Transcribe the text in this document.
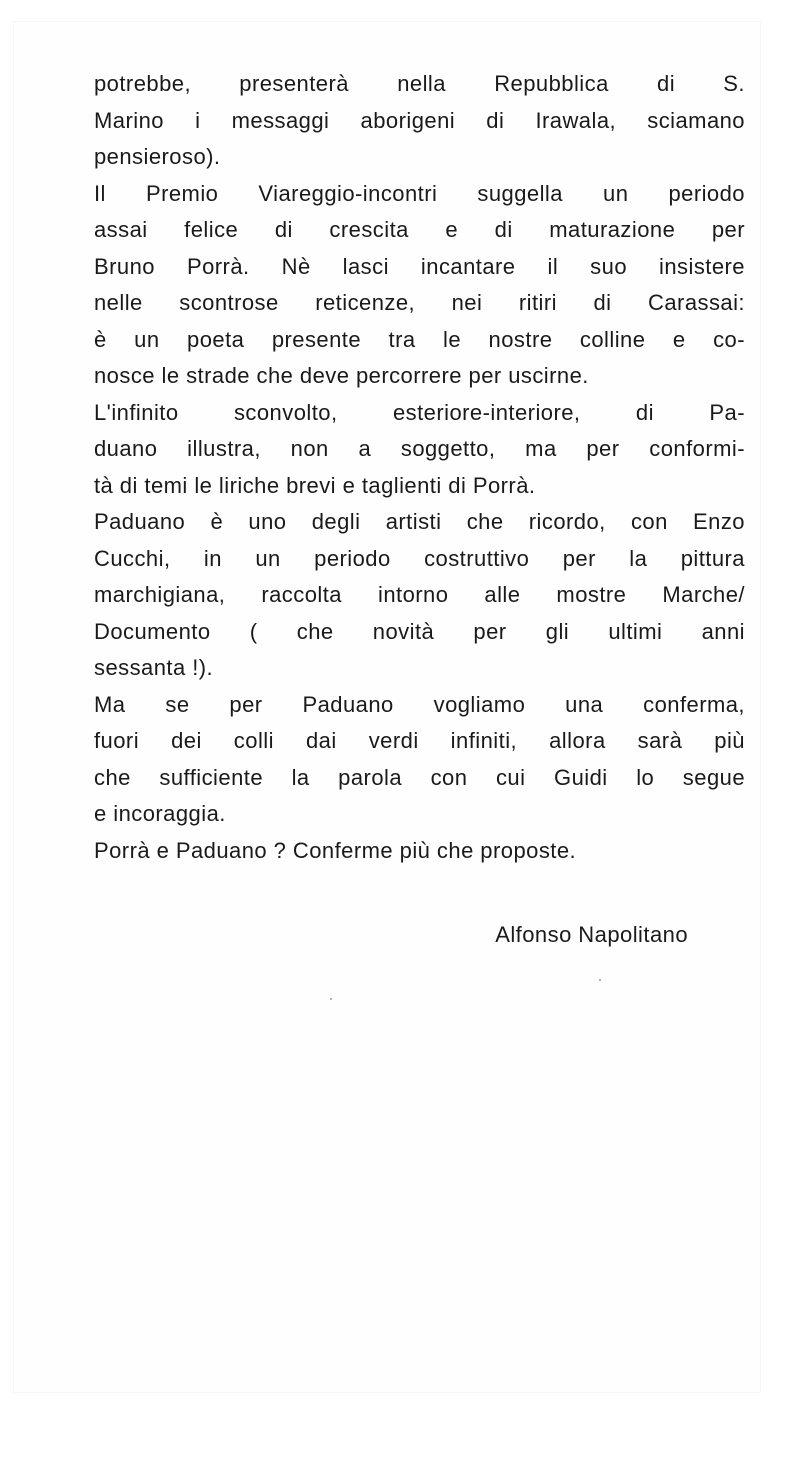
potrebbe, presenterà nella Repubblica di S.
Marino i messaggi aborigeni di Irawala, sciamano
pensieroso).
Il Premio Viareggio-incontri suggella un periodo
assai felice di crescita e di maturazione per
Bruno Porrà. Nè lasci incantare il suo insistere
nelle scontrose reticenze, nei ritiri di Carassai:
è un poeta presente tra le nostre colline e co-
nosce le strade che deve percorrere per uscirne.
L'infinito sconvolto, esteriore-interiore, di Pa-
duano illustra, non a soggetto, ma per conformi-
tà di temi le liriche brevi e taglienti di Porrà.
Paduano è uno degli artisti che ricordo, con Enzo
Cucchi, in un periodo costruttivo per la pittura
marchigiana, raccolta intorno alle mostre Marche/
Documento ( che novità per gli ultimi anni
sessanta !).
Ma se per Paduano vogliamo una conferma,
fuori dei colli dai verdi infiniti, allora sarà più
che sufficiente la parola con cui Guidi lo segue
e incoraggia.
Porrà e Paduano ? Conferme più che proposte.
Alfonso Napolitano
